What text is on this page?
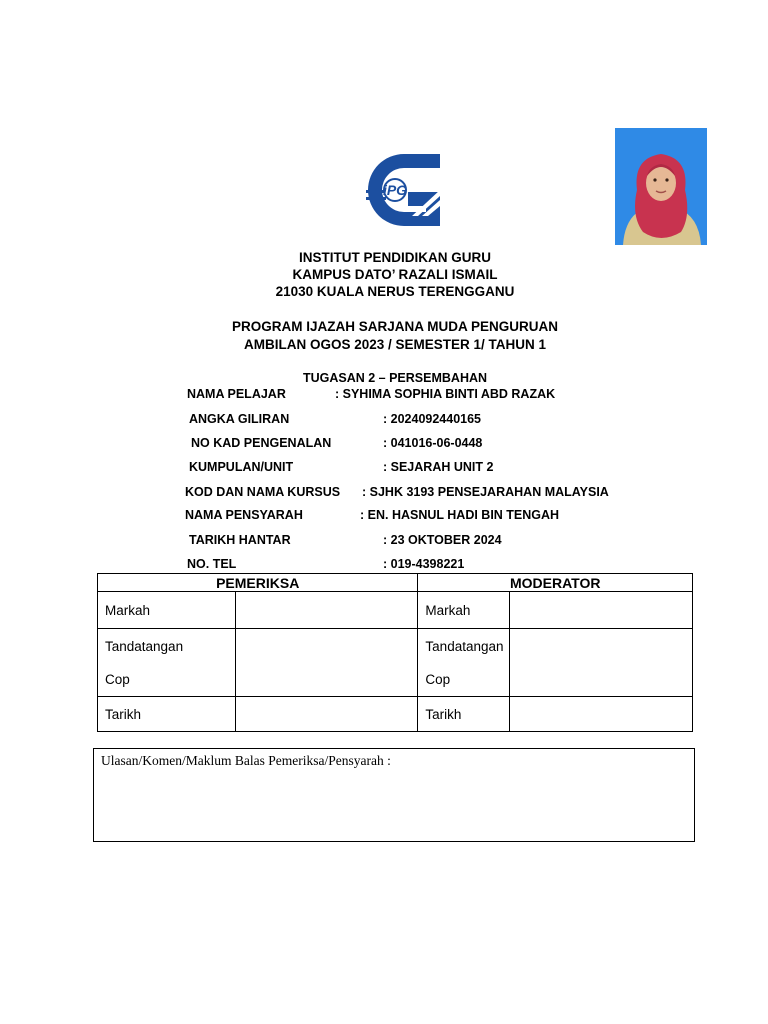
iPG
INSTITUT PENDIDIKAN GURU
KAMPUS DATO’ RAZALI ISMAIL
21030 KUALA NERUS TERENGGANU
PROGRAM IJAZAH SARJANA MUDA PENGURUAN
AMBILAN OGOS 2023 / SEMESTER 1/ TAHUN 1
TUGASAN 2 – PERSEMBAHAN
NAMA PELAJAR	: SYHIMA SOPHIA BINTI ABD RAZAK
ANGKA GILIRAN	: 2024092440165
NO KAD PENGENALAN	: 041016-06-0448
KUMPULAN/UNIT	: SEJARAH UNIT 2
KOD DAN NAMA KURSUS : SJHK 3193 PENSEJARAHAN MALAYSIA
NAMA PENSYARAH	: EN. HASNUL HADI BIN TENGAH
TARIKH HANTAR	: 23 OKTOBER 2024
NO. TEL	: 019-4398221
PEMERIKSA		MODERATOR	
Markah		Markah	

Tandatangan
Cop		Tandatangan
Cop	

Tarikh		Tarikh	
Ulasan/Komen/Maklum Balas Pemeriksa/Pensyarah :
